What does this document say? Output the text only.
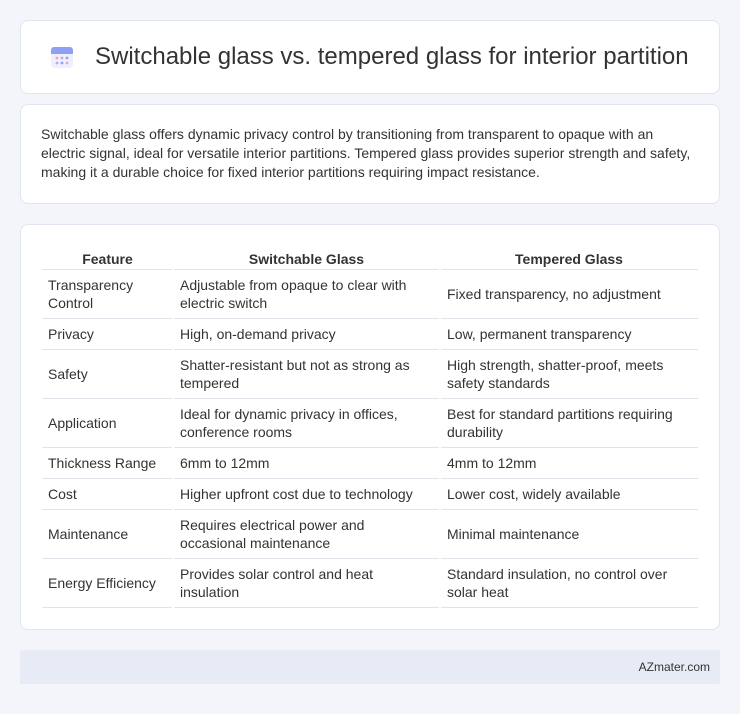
Switchable glass vs. tempered glass for interior partition

Switchable glass offers dynamic privacy control by transitioning from transparent to opaque with an electric signal, ideal for versatile interior partitions. Tempered glass provides superior strength and safety, making it a durable choice for fixed interior partitions requiring impact resistance.

Feature	Switchable Glass	Tempered Glass
Transparency Control	Adjustable from opaque to clear with electric switch	Fixed transparency, no adjustment
Privacy	High, on-demand privacy	Low, permanent transparency
Safety	Shatter-resistant but not as strong as tempered	High strength, shatter-proof, meets safety standards
Application	Ideal for dynamic privacy in offices, conference rooms	Best for standard partitions requiring durability
Thickness Range	6mm to 12mm	4mm to 12mm
Cost	Higher upfront cost due to technology	Lower cost, widely available
Maintenance	Requires electrical power and occasional maintenance	Minimal maintenance
Energy Efficiency	Provides solar control and heat insulation	Standard insulation, no control over solar heat
AZmater.com
